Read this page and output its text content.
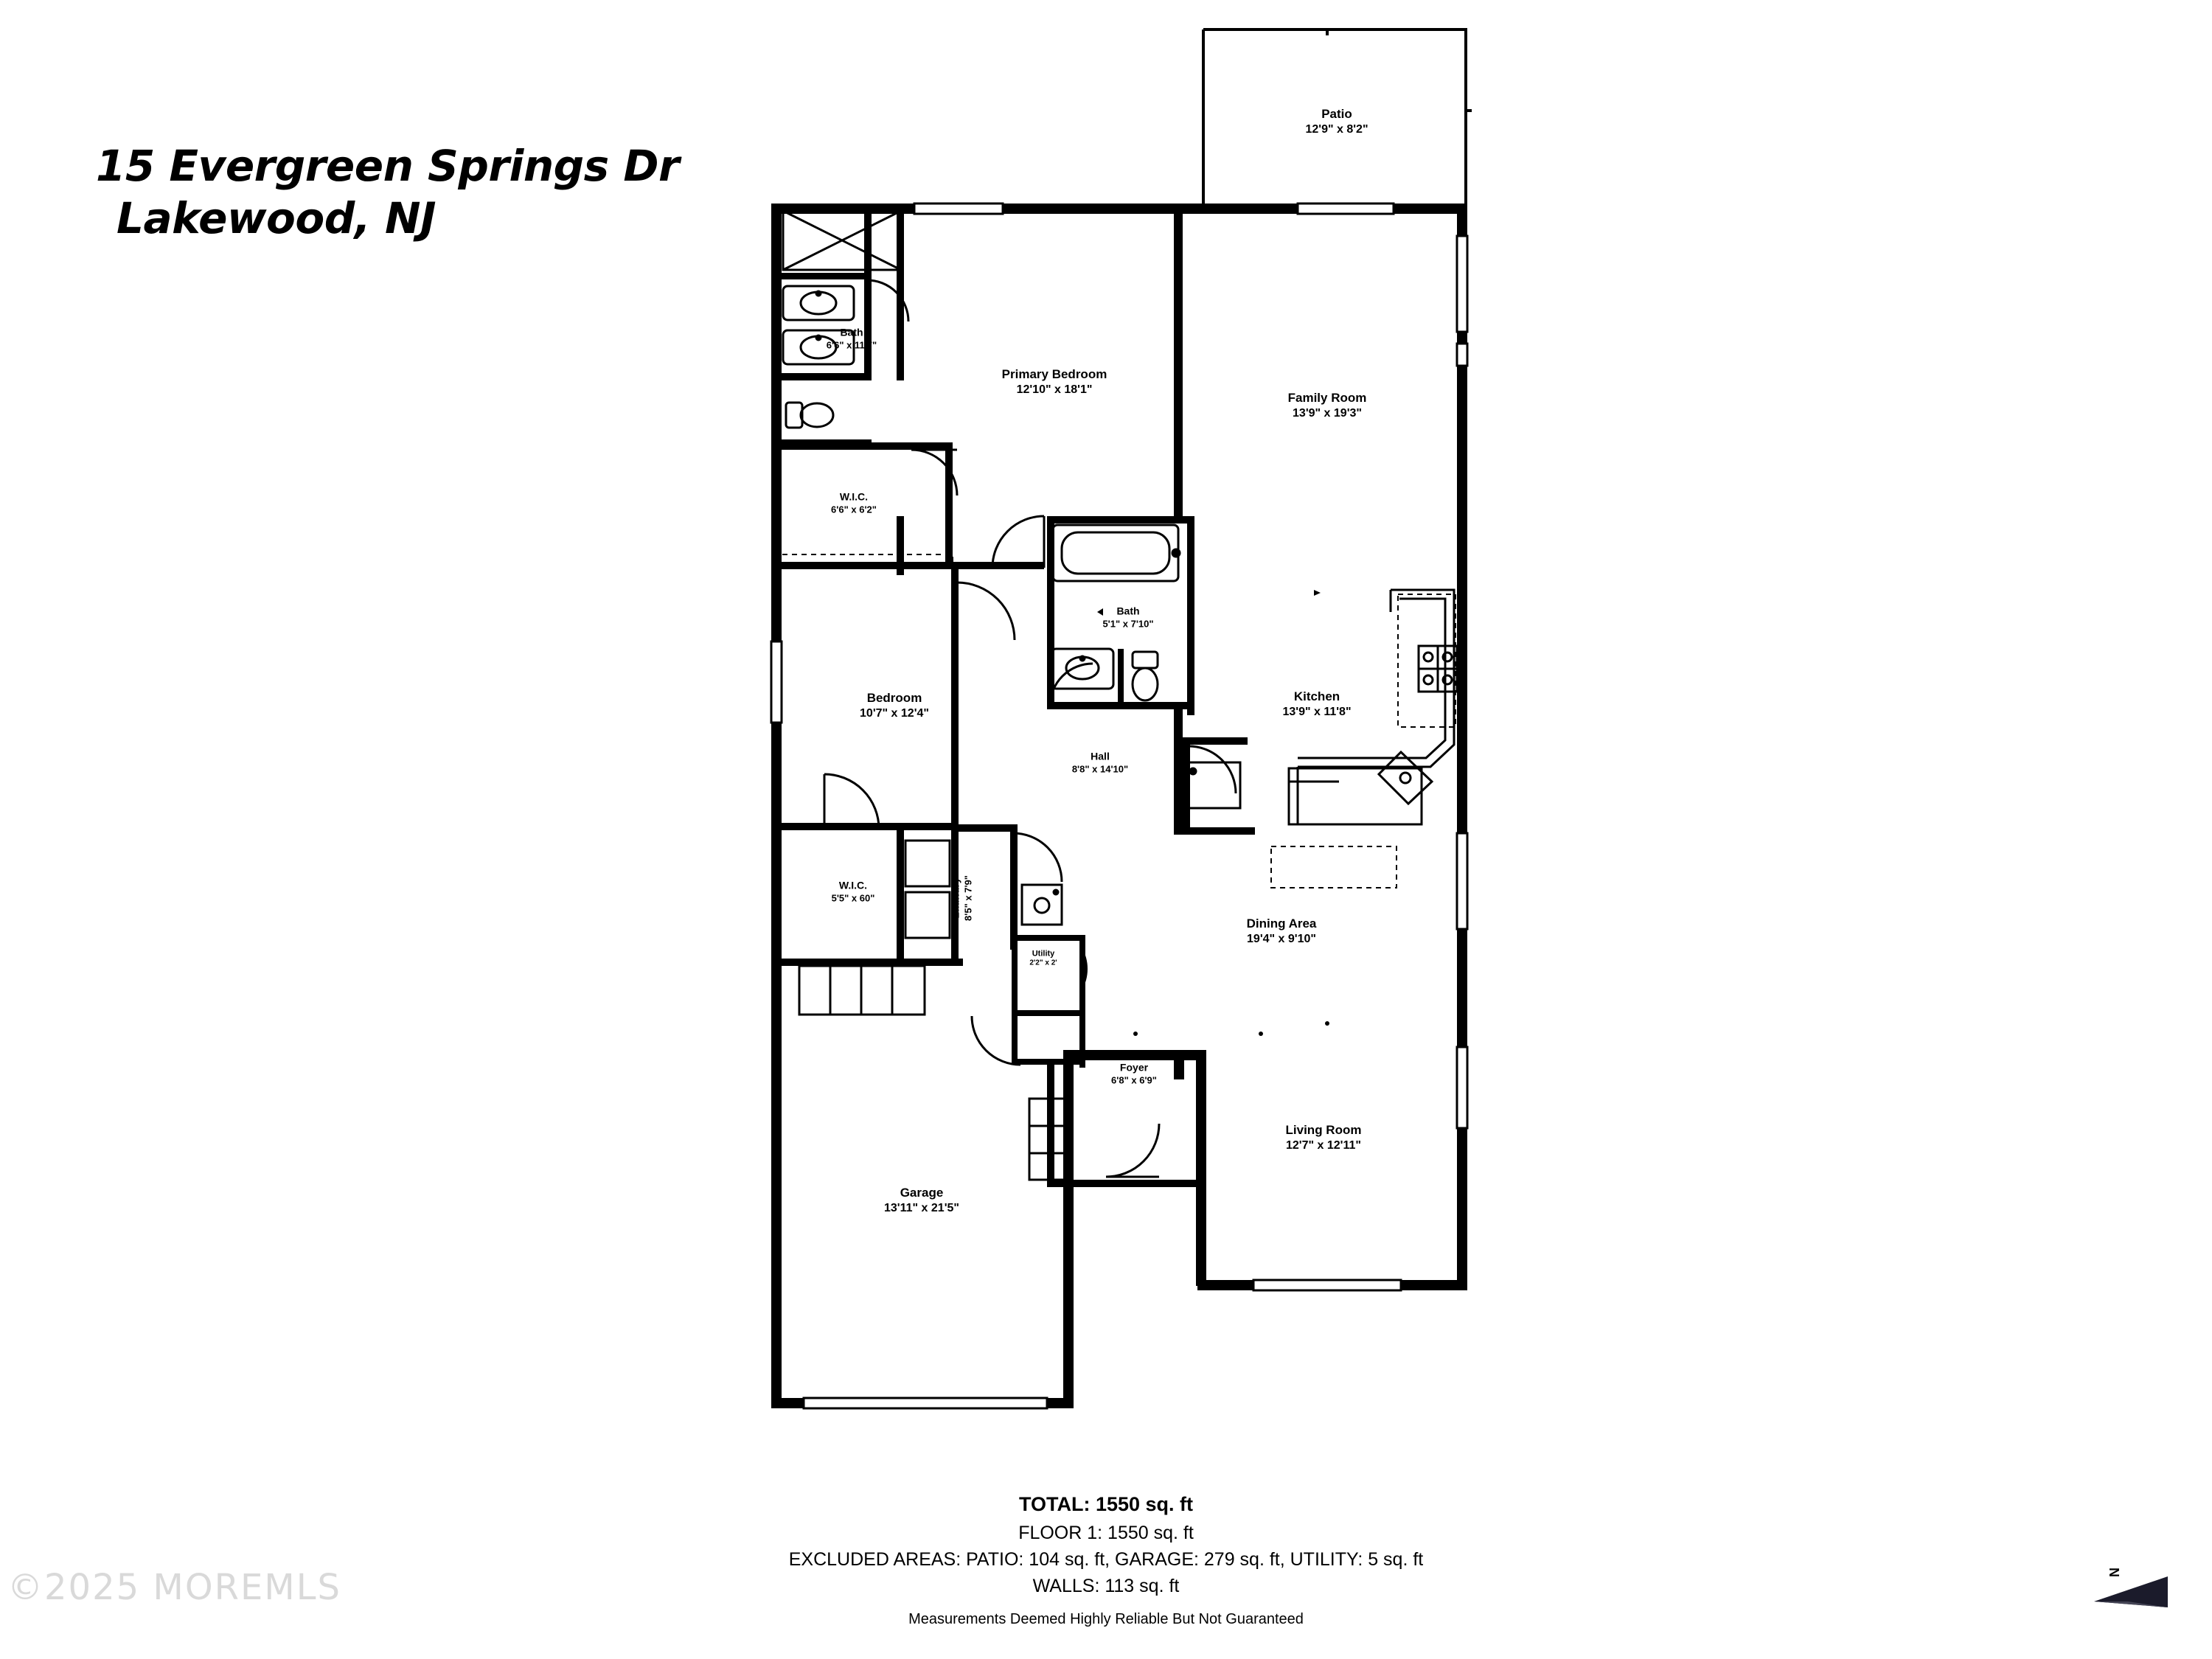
15 Evergreen Springs Dr
Lakewood, NJ
Patio
12'9" x 8'2"
Bath
6'6" x 11'7"
Primary Bedroom
12'10" x 18'1"
Family Room
13'9" x 19'3"
W.I.C.
6'6" x 6'2"
Bath
5'1" x 7'10"
Kitchen
13'9" x 11'8"
Bedroom
10'7" x 12'4"
Hall
8'8" x 14'10"
W.I.C.
5'5" x 60"	Laundry 8'5" x 7'9"
Dining Area
19'4" x 9'10"
Utility
2'2" x 2'
Foyer
6'8" x 6'9"
Living Room
12'7" x 12'11"
Garage
13'11" x 21'5"
TOTAL: 1550 sq. ft
FLOOR 1: 1550 sq. ft
EXCLUDED AREAS: PATIO: 104 sq. ft, GARAGE: 279 sq. ft, UTILITY: 5 sq. ft
WALLS: 113 sq. ft
Measurements Deemed Highly Reliable But Not Guaranteed
©2025 MOREMLS	N
